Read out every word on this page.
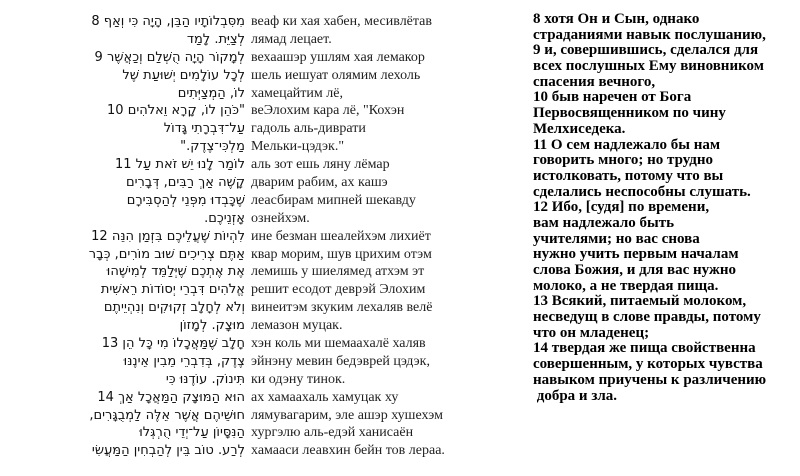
8 וְאַף כִּי הָיָה הַבֵּן, מִסִּבְלוֹתָיו веаф ки хая хабен, месивлётав
לָמַד לְצַיֵּת. лямад лецает.
9 וְכַאֲשֶׁר הֻשְׁלַם הָיָה לְמָקוֹר вехаашэр ушлям хая лемакор
שֶׁל יְשׁוּעַת עוֹלָמִים לְכָל шель иешуат олямим лехоль
הַמְצַיְּתִים לוֹ, хамецайтим лё,
10 וֵאלֹהִים קָרָא לוֹ, "כֹּהֵן веЭлохим кара лё, "Кохэн
גָּדוֹל עַל־דִּבְרָתִי гадоль аль-диврати
מַלְכִּי־צֶדֶק." Мельки-цэдэк."
11 עַל זֹאת יֵשׁ לָנוּ לוֹמַר аль зот ешь ляну лёмар
דְּבָרִים רַבִּים, אַךְ קָשֶׁה дварим рабим, ах кашэ
לְהַסְבִּירָם מִפְּנֵי שֶׁכָּבְדוּ леасбирам мипней шекавду
אָזְנֵיכֶם. ознейхэм.
12 הִנֵּה בִּזְמַן שֶׁעֲלֵיכֶם לִהְיוֹת ине безман шеалейхэм лихиёт
כְּבָר מוֹרִים, שׁוּב צְרִיכִים אַתֶּם квар морим, шув црихим отэм
לְמִישֶׁהוּ שֶׁיְּלַמֵּד אֶתְכֶם אֶת лемишь у шиелямед атхэм эт
רֵאשִׁית יְסוֹדוֹת דִּבְרֵי אֱלֹהִים решит есодот деврэй Элохим
וְנִהְיֵיתֶם זְקוּקִים לְחָלָב וְלֹא винеитэм зкуким лехаляв велё
לְמָזוֹן מוּצָק. лемазон муцак.
13 הֵן כָּל מִי שֶׁמַּאֲכָלוֹ חָלָב хэн коль ми шемаахалё халяв
אֵינֶנּוּ מֵבִין בְּדִבְרֵי צֶדֶק, эйнэну мевин бедэврей цэдэк,
כִּי עוֹדֶנּוּ תִּינוֹק. ки одэну тинок.
14 אַךְ הַמַּאֲכָל הַמּוּצָק הוּא ах хамаахаль хамуцак ху
לַמְבֻגָּרִים, אֵלֶּה אֲשֶׁר חוּשֵׁיהֶם лямувагарим, эле ашэр хушехэм
הֻרְגְּלוּ עַל־יְדֵי הַנִּסָּיוֹן хургэлю аль-едэй ханисаён
הַמַּעֲשִׂי לְהַבְחִין בֵּין טוֹב לְרַע. хамааси леавхин бейн тов лераа.
8 хотя Он и Сын, однако
страданиями навык послушанию,
9 и, совершившись, сделался для
всех послушных Ему виновником
спасения вечного,
10 быв наречен от Бога
Первосвященником по чину
Мелхиседека.
11 О сем надлежало бы нам
говорить много; но трудно
истолковать, потому что вы
сделались неспособны слушать.
12 Ибо, [судя] по времени,
вам надлежало быть
учителями; но вас снова
нужно учить первым началам
слова Божия, и для вас нужно
молоко, а не твердая пища.
13 Всякий, питаемый молоком,
несведущ в слове правды, потому
что он младенец;
14 твердая же пища свойственна
совершенным, у которых чувства
навыком приучены к различению
добра и зла.
